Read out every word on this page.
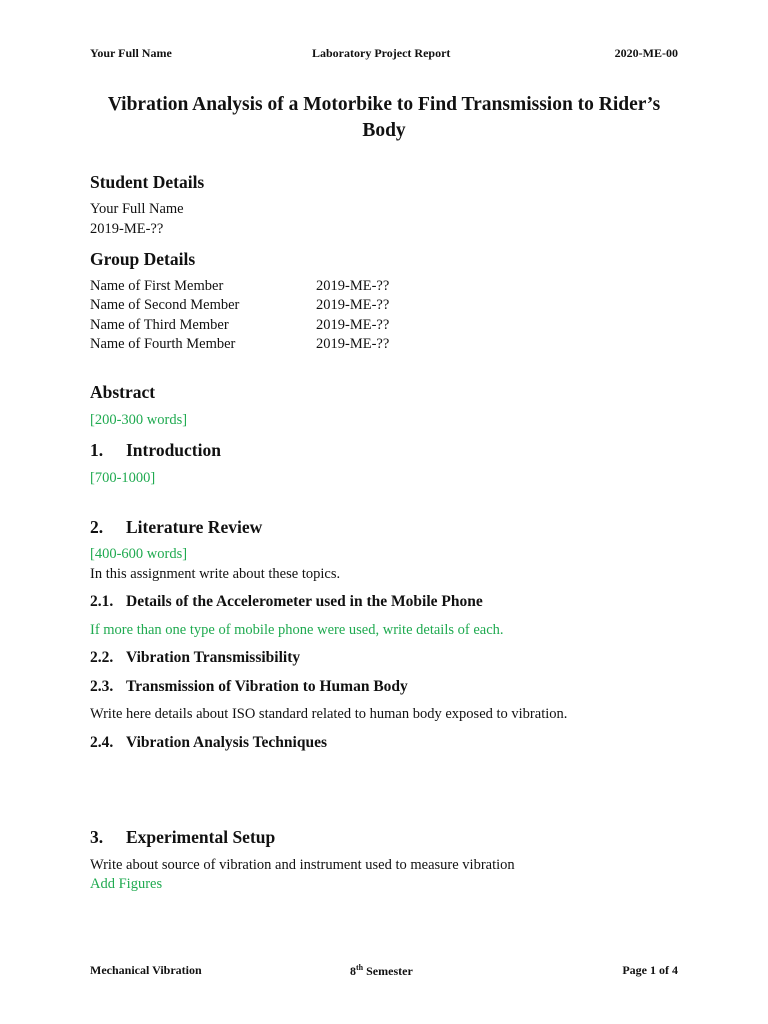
Your Full Name	Laboratory Project Report	2020-ME-00
Vibration Analysis of a Motorbike to Find Transmission to Rider’s
Body
Student Details
Your Full Name
2019-ME-??
Group Details
Name of First Member	2019-ME-??
Name of Second Member	2019-ME-??
Name of Third Member	2019-ME-??
Name of Fourth Member	2019-ME-??
Abstract
[200-300 words]
1. Introduction
[700-1000]
2. Literature Review
[400-600 words]
In this assignment write about these topics.
2.1. Details of the Accelerometer used in the Mobile Phone
If more than one type of mobile phone were used, write details of each.
2.2. Vibration Transmissibility
2.3. Transmission of Vibration to Human Body
Write here details about ISO standard related to human body exposed to vibration.
2.4. Vibration Analysis Techniques
3. Experimental Setup
Write about source of vibration and instrument used to measure vibration
Add Figures
Mechanical Vibration	8th Semester	Page 1 of 4
